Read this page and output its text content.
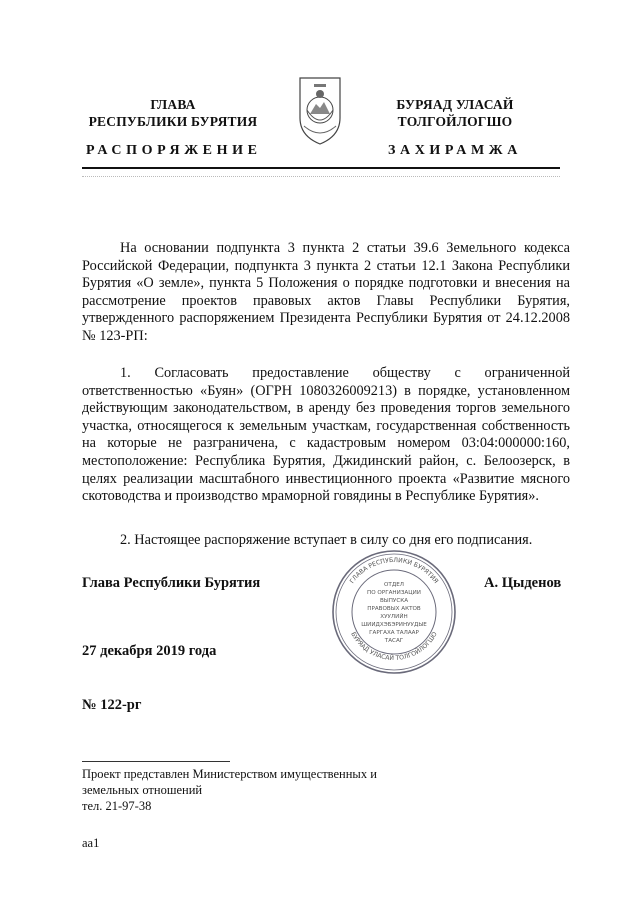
ГЛАВА
РЕСПУБЛИКИ БУРЯТИЯ
БУРЯАД УЛАСАЙ
ТОЛГОЙЛОГШО
РАСПОРЯЖЕНИЕ	ЗАХИРАМЖА
На основании подпункта 3 пункта 2 статьи 39.6 Земельного кодекса Российской Федерации, подпункта 3 пункта 2 статьи 12.1 Закона Республики Бурятия «О земле», пункта 5 Положения о порядке подготовки и внесения на рассмотрение проектов правовых актов Главы Республики Бурятия, утвержденного распоряжением Президента Республики Бурятия от 24.12.2008 № 123-РП:
1. Согласовать предоставление обществу с ограниченной ответственностью «Буян» (ОГРН 1080326009213) в порядке, установленном действующим законодательством, в аренду без проведения торгов земельного участка, относящегося к земельным участкам, государственная собственность на которые не разграничена, с кадастровым номером 03:04:000000:160, местоположение: Республика Бурятия, Джидинский район, с. Белоозерск, в целях реализации масштабного инвестиционного проекта «Развитие мясного скотоводства и производство мраморной говядины в Республике Бурятия».
2. Настоящее распоряжение вступает в силу со дня его подписания.
Глава Республики Бурятия	ГЛАВА РЕСПУБЛИКИ БУРЯТИЯ
БУРЯАД УЛАСАЙ ТОЛГОЙЛОГШО
ОТДЕЛ
ПО ОРГАНИЗАЦИИ
ВЫПУСКА
ПРАВОВЫХ АКТОВ
ХУУЛИЙН
ШИИДХЭБЭРИНУУДЫЕ
ГАРГАХА ТАЛААР
ТАСАГ
А. Цыденов
27 декабря 2019 года
№ 122-рг
Проект представлен Министерством имущественных и
земельных отношений
тел. 21-97-38
аа1
